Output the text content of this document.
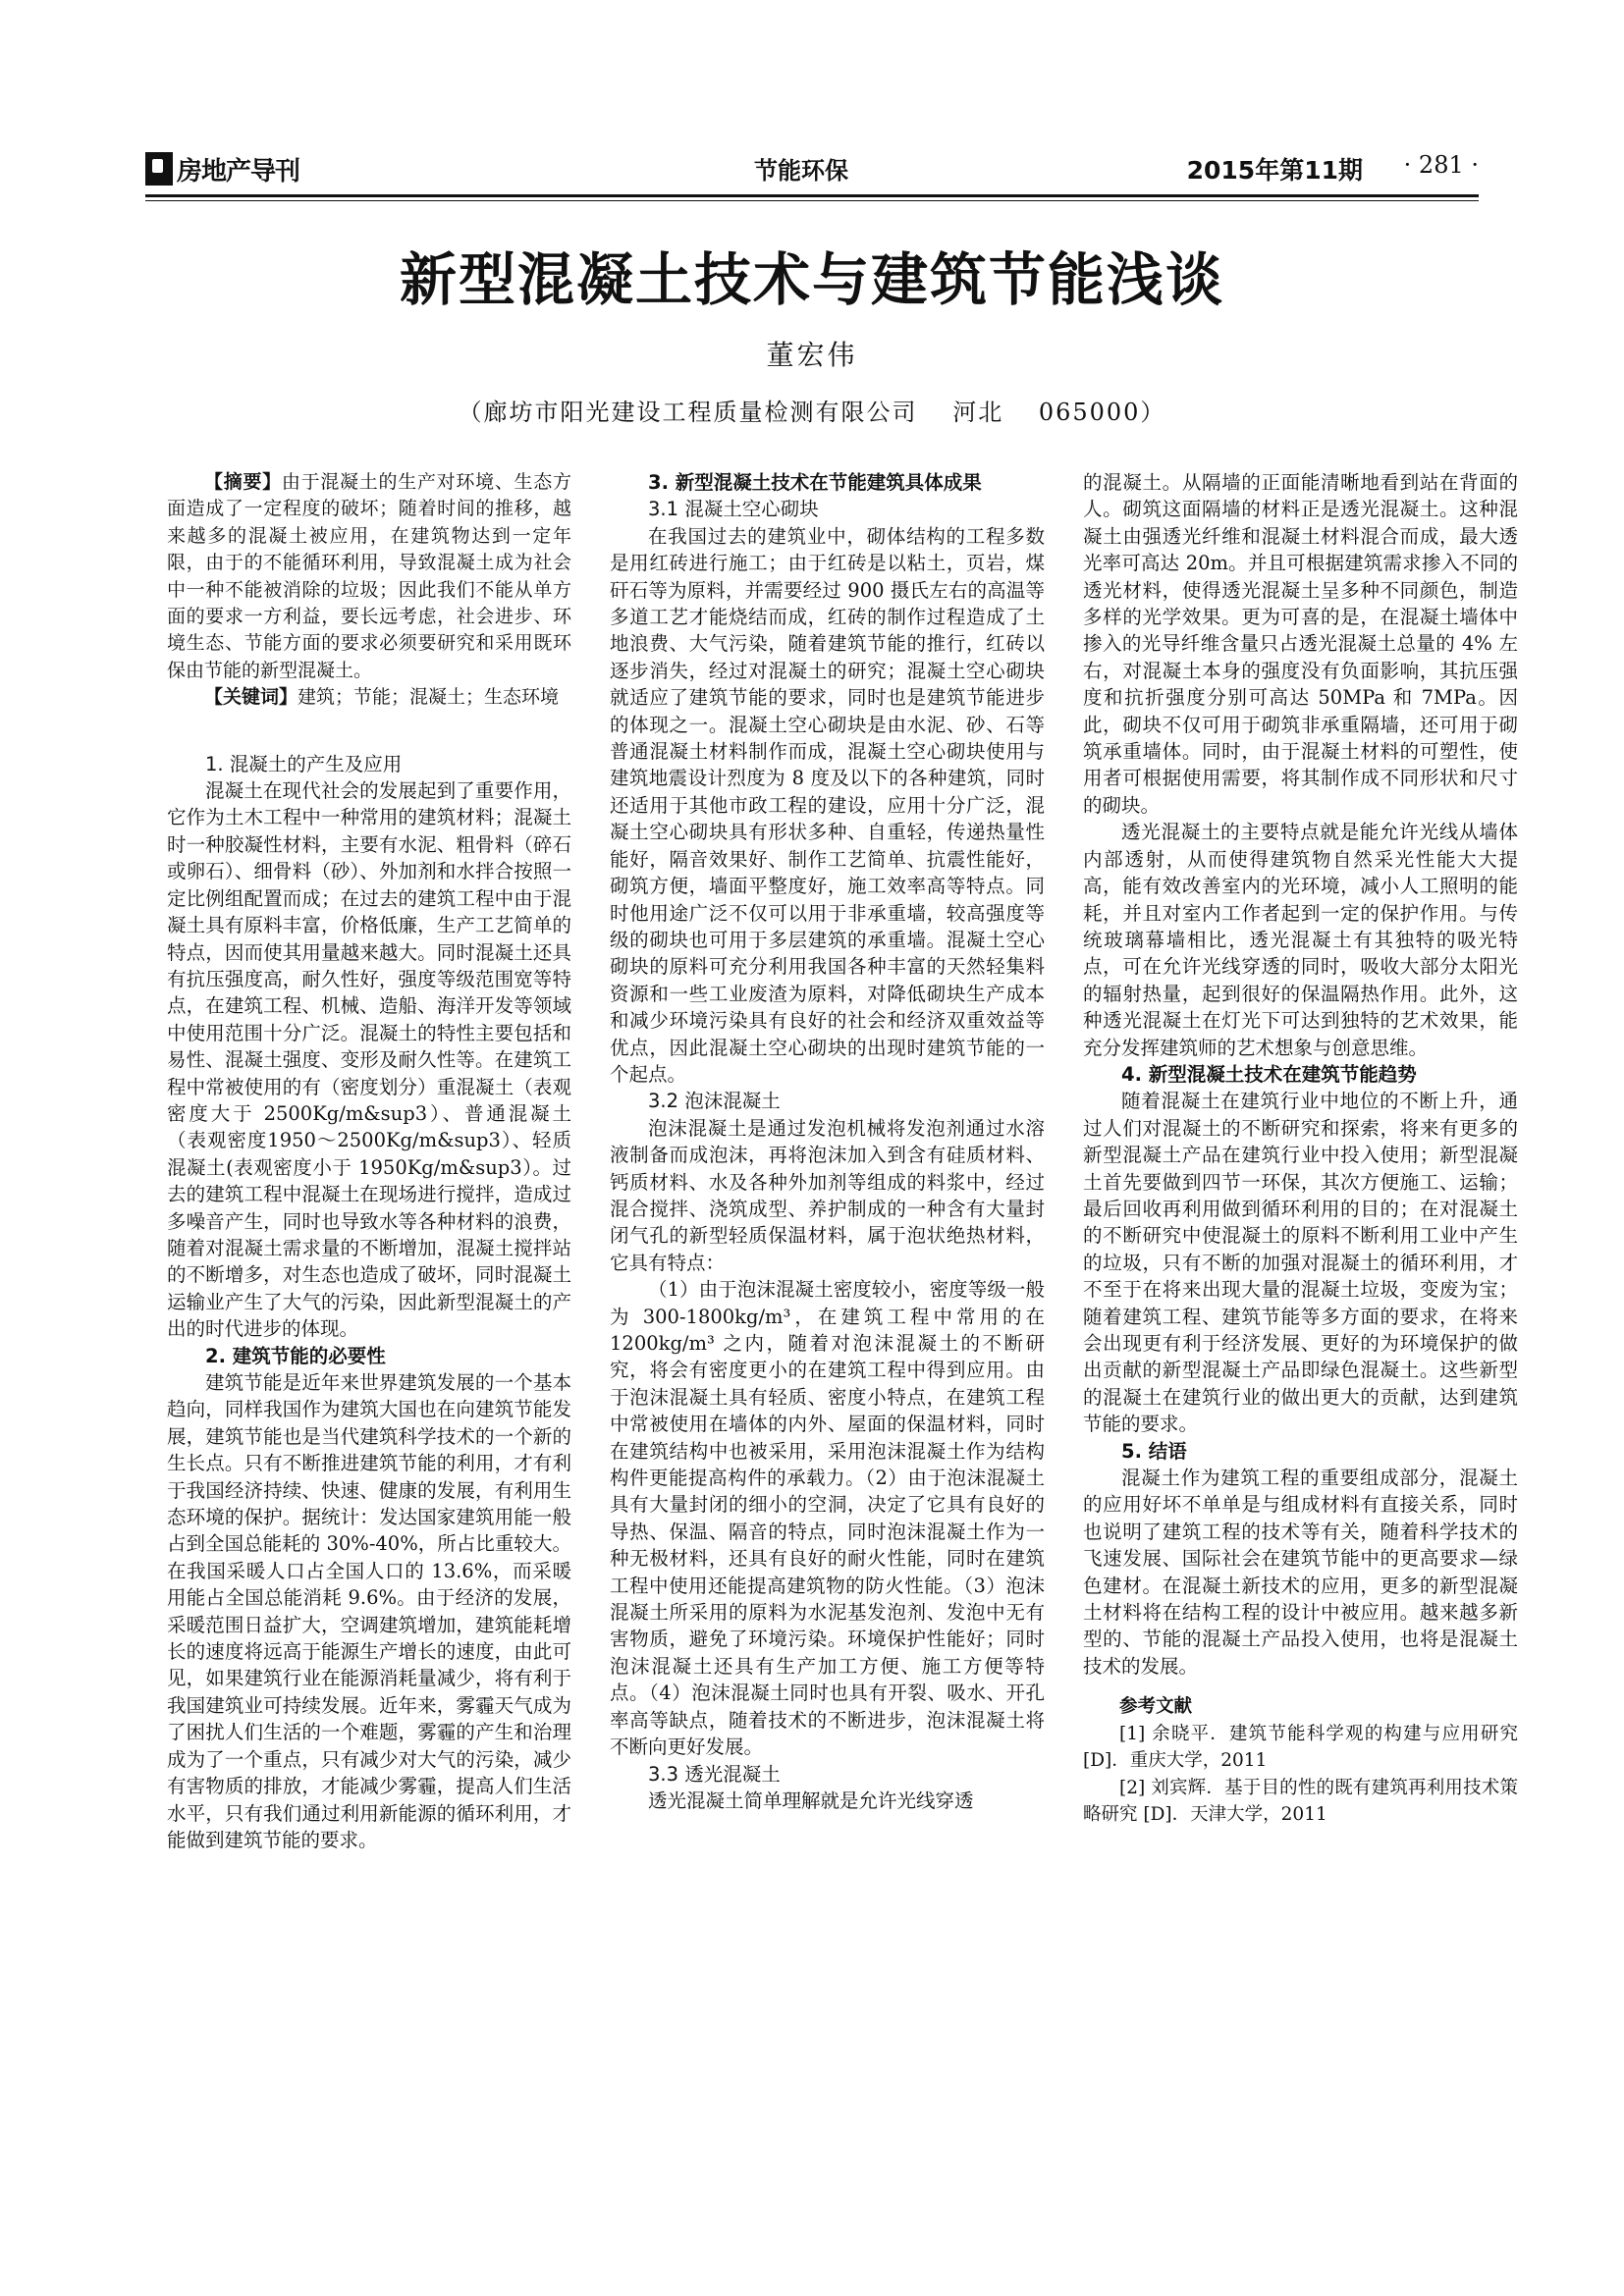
房地产导刊	节能环保	2015年第11期 · 281 ·
新型混凝土技术与建筑节能浅谈
董宏伟
（廊坊市阳光建设工程质量检测有限公司　 河北　 065000）

【摘要】由于混凝土的生产对环境、生态方面造成了一定程度的破坏；随着时间的推移，越来越多的混凝土被应用，在建筑物达到一定年限，由于的不能循环利用，导致混凝土成为社会中一种不能被消除的垃圾；因此我们不能从单方面的要求一方利益，要长远考虑，社会进步、环境生态、节能方面的要求必须要研究和采用既环保由节能的新型混凝土。

【关键词】建筑；节能；混凝土；生态环境

1. 混凝土的产生及应用

混凝土在现代社会的发展起到了重要作用，它作为土木工程中一种常用的建筑材料；混凝土时一种胶凝性材料，主要有水泥、粗骨料（碎石或卵石）、细骨料（砂）、外加剂和水拌合按照一定比例组配置而成；在过去的建筑工程中由于混凝土具有原料丰富，价格低廉，生产工艺简单的特点，因而使其用量越来越大。同时混凝土还具有抗压强度高，耐久性好，强度等级范围宽等特点，在建筑工程、机械、造船、海洋开发等领域中使用范围十分广泛。混凝土的特性主要包括和易性、混凝土强度、变形及耐久性等。在建筑工程中常被使用的有（密度划分）重混凝土（表观密度大于 2500Kg/m&sup3）、普通混凝土（表观密度1950～2500Kg/m&sup3）、轻质混凝土(表观密度小于 1950Kg/m&sup3）。过去的建筑工程中混凝土在现场进行搅拌，造成过多噪音产生，同时也导致水等各种材料的浪费，随着对混凝土需求量的不断增加，混凝土搅拌站的不断增多，对生态也造成了破坏，同时混凝土运输业产生了大气的污染，因此新型混凝土的产出的时代进步的体现。

2. 建筑节能的必要性

建筑节能是近年来世界建筑发展的一个基本趋向，同样我国作为建筑大国也在向建筑节能发展，建筑节能也是当代建筑科学技术的一个新的生长点。只有不断推进建筑节能的利用，才有利于我国经济持续、快速、健康的发展，有利用生态环境的保护。据统计：发达国家建筑用能一般占到全国总能耗的 30%-40%，所占比重较大。在我国采暖人口占全国人口的 13.6%，而采暖用能占全国总能消耗 9.6%。由于经济的发展，采暖范围日益扩大，空调建筑增加，建筑能耗增长的速度将远高于能源生产增长的速度，由此可见，如果建筑行业在能源消耗量减少，将有利于我国建筑业可持续发展。近年来，雾霾天气成为了困扰人们生活的一个难题，雾霾的产生和治理成为了一个重点，只有减少对大气的污染，减少有害物质的排放，才能减少雾霾，提高人们生活水平，只有我们通过利用新能源的循环利用，才能做到建筑节能的要求。

3. 新型混凝土技术在节能建筑具体成果
3.1 混凝土空心砌块

在我国过去的建筑业中，砌体结构的工程多数是用红砖进行施工；由于红砖是以粘土，页岩，煤矸石等为原料，并需要经过 900 摄氏左右的高温等多道工艺才能烧结而成，红砖的制作过程造成了土地浪费、大气污染，随着建筑节能的推行，红砖以逐步消失，经过对混凝土的研究；混凝土空心砌块就适应了建筑节能的要求，同时也是建筑节能进步的体现之一。混凝土空心砌块是由水泥、砂、石等普通混凝土材料制作而成，混凝土空心砌块使用与建筑地震设计烈度为 8 度及以下的各种建筑，同时还适用于其他市政工程的建设，应用十分广泛，混凝土空心砌块具有形状多种、自重轻，传递热量性能好，隔音效果好、制作工艺简单、抗震性能好，砌筑方便，墙面平整度好，施工效率高等特点。同时他用途广泛不仅可以用于非承重墙，较高强度等级的砌块也可用于多层建筑的承重墙。混凝土空心砌块的原料可充分利用我国各种丰富的天然轻集料资源和一些工业废渣为原料，对降低砌块生产成本和减少环境污染具有良好的社会和经济双重效益等优点，因此混凝土空心砌块的出现时建筑节能的一个起点。

3.2 泡沫混凝土

泡沫混凝土是通过发泡机械将发泡剂通过水溶液制备而成泡沫，再将泡沫加入到含有硅质材料、钙质材料、水及各种外加剂等组成的料浆中，经过混合搅拌、浇筑成型、养护制成的一种含有大量封闭气孔的新型轻质保温材料，属于泡状绝热材料，它具有特点：

（1）由于泡沫混凝土密度较小，密度等级一般为 300-1800kg/m³，在建筑工程中常用的在 1200kg/m³ 之内，随着对泡沫混凝土的不断研究，将会有密度更小的在建筑工程中得到应用。由于泡沫混凝土具有轻质、密度小特点，在建筑工程中常被使用在墙体的内外、屋面的保温材料，同时在建筑结构中也被采用，采用泡沫混凝土作为结构构件更能提高构件的承载力。（2）由于泡沫混凝土具有大量封闭的细小的空洞，决定了它具有良好的导热、保温、隔音的特点，同时泡沫混凝土作为一种无极材料，还具有良好的耐火性能，同时在建筑工程中使用还能提高建筑物的防火性能。（3）泡沫混凝土所采用的原料为水泥基发泡剂、发泡中无有害物质，避免了环境污染。环境保护性能好；同时泡沫混凝土还具有生产加工方便、施工方便等特点。（4）泡沫混凝土同时也具有开裂、吸水、开孔率高等缺点，随着技术的不断进步，泡沫混凝土将不断向更好发展。

3.3 透光混凝土

透光混凝土简单理解就是允许光线穿透

的混凝土。从隔墙的正面能清晰地看到站在背面的人。砌筑这面隔墙的材料正是透光混凝土。这种混凝土由强透光纤维和混凝土材料混合而成，最大透光率可高达 20m。并且可根据建筑需求掺入不同的透光材料，使得透光混凝土呈多种不同颜色，制造多样的光学效果。更为可喜的是，在混凝土墙体中掺入的光导纤维含量只占透光混凝土总量的 4% 左右，对混凝土本身的强度没有负面影响，其抗压强度和抗折强度分别可高达 50MPa 和 7MPa。因此，砌块不仅可用于砌筑非承重隔墙，还可用于砌筑承重墙体。同时，由于混凝土材料的可塑性，使用者可根据使用需要，将其制作成不同形状和尺寸的砌块。

透光混凝土的主要特点就是能允许光线从墙体内部透射，从而使得建筑物自然采光性能大大提高，能有效改善室内的光环境，减小人工照明的能耗，并且对室内工作者起到一定的保护作用。与传统玻璃幕墙相比，透光混凝土有其独特的吸光特点，可在允许光线穿透的同时，吸收大部分太阳光的辐射热量，起到很好的保温隔热作用。此外，这种透光混凝土在灯光下可达到独特的艺术效果，能充分发挥建筑师的艺术想象与创意思维。

4. 新型混凝土技术在建筑节能趋势

随着混凝土在建筑行业中地位的不断上升，通过人们对混凝土的不断研究和探索，将来有更多的新型混凝土产品在建筑行业中投入使用；新型混凝土首先要做到四节一环保，其次方便施工、运输；最后回收再利用做到循环利用的目的；在对混凝土的不断研究中使混凝土的原料不断利用工业中产生的垃圾，只有不断的加强对混凝土的循环利用，才不至于在将来出现大量的混凝土垃圾，变废为宝；随着建筑工程、建筑节能等多方面的要求，在将来会出现更有利于经济发展、更好的为环境保护的做出贡献的新型混凝土产品即绿色混凝土。这些新型的混凝土在建筑行业的做出更大的贡献，达到建筑节能的要求。

5. 结语

混凝土作为建筑工程的重要组成部分，混凝土的应用好坏不单单是与组成材料有直接关系，同时也说明了建筑工程的技术等有关，随着科学技术的飞速发展、国际社会在建筑节能中的更高要求—绿色建材。在混凝土新技术的应用，更多的新型混凝土材料将在结构工程的设计中被应用。越来越多新型的、节能的混凝土产品投入使用，也将是混凝土技术的发展。

参考文献

[1] 余晓平．建筑节能科学观的构建与应用研究 [D]．重庆大学，2011

[2] 刘宾辉．基于目的性的既有建筑再利用技术策略研究 [D]．天津大学，2011
